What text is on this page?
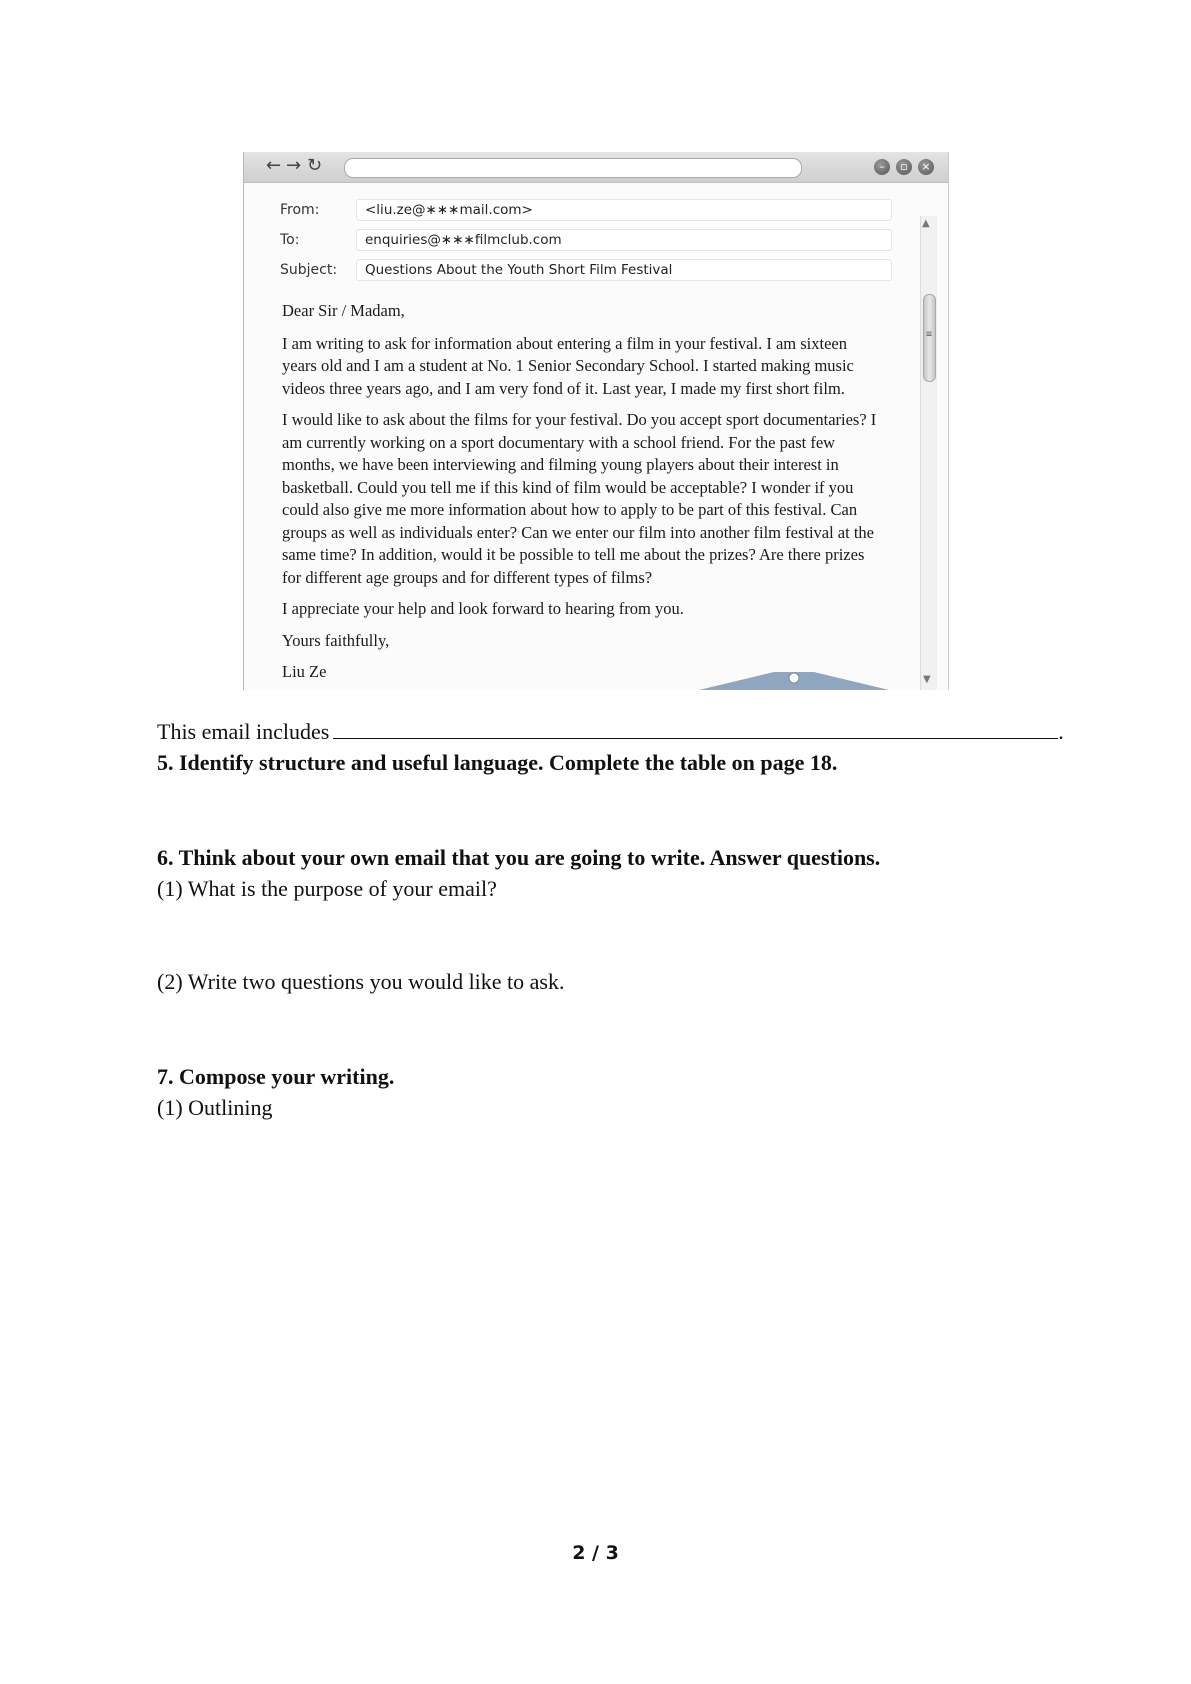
← → ↻	–	▫	×
From:	<liu.ze@∗∗∗mail.com>
To:	enquiries@∗∗∗filmclub.com
Subject:	Questions About the Youth Short Film Festival

Dear Sir / Madam,

I am writing to ask for information about entering a film in your festival. I am sixteen years old and I am a student at No. 1 Senior Secondary School. I started making music videos three years ago, and I am very fond of it. Last year, I made my first short film.

I would like to ask about the films for your festival. Do you accept sport documentaries? I am currently working on a sport documentary with a school friend. For the past few months, we have been interviewing and filming young players about their interest in basketball. Could you tell me if this kind of film would be acceptable? I wonder if you could also give me more information about how to apply to be part of this festival. Can groups as well as individuals enter? Can we enter our film into another film festival at the same time? In addition, would it be possible to tell me about the prizes? Are there prizes for different age groups and for different types of films?

I appreciate your help and look forward to hearing from you.

Yours faithfully,

Liu Ze

▲
≡
▼
This email includes	.
5. Identify structure and useful language. Complete the table on page 18.
6. Think about your own email that you are going to write. Answer questions.
(1) What is the purpose of your email?
(2) Write two questions you would like to ask.
7. Compose your writing.
(1) Outlining
2 / 3
